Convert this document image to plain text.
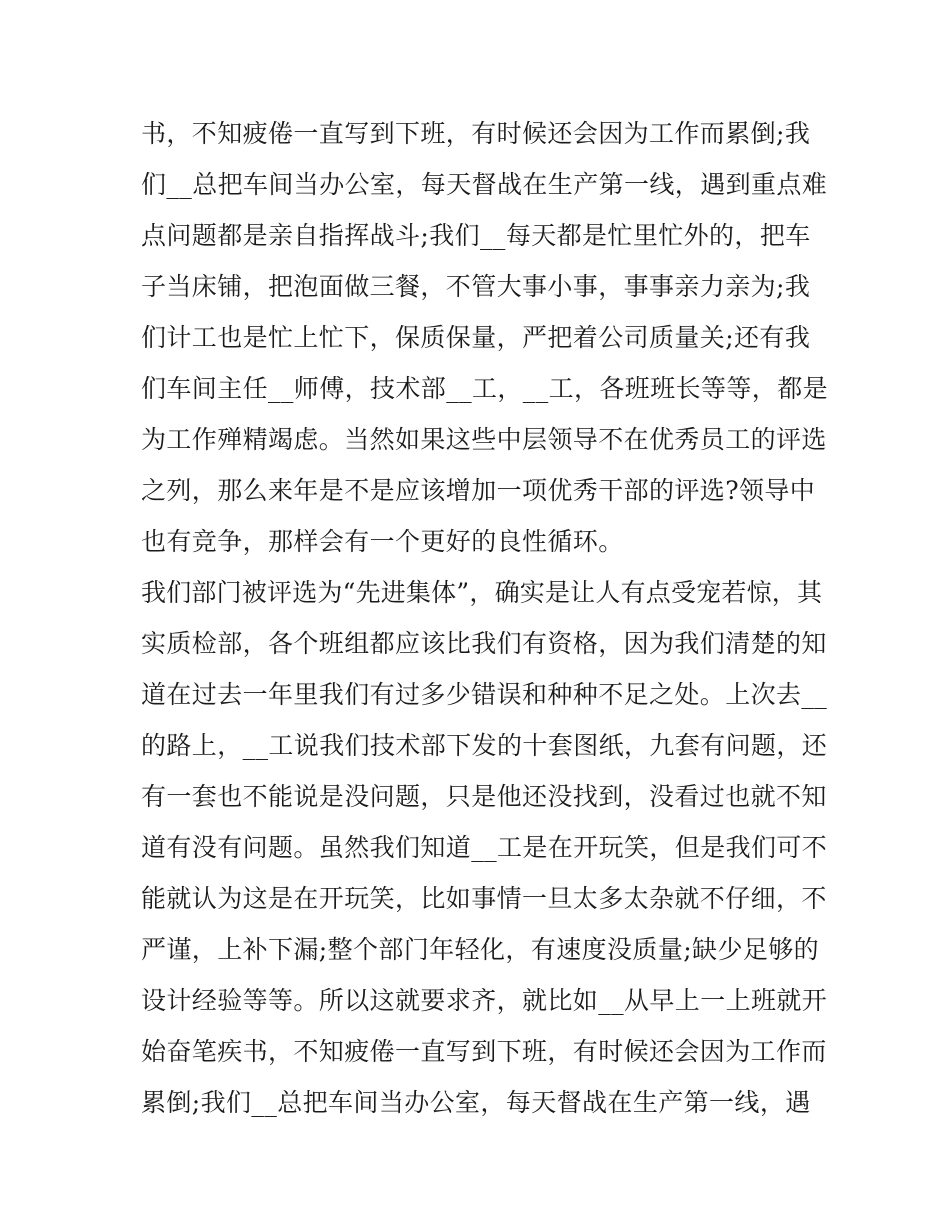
书，不知疲倦一直写到下班，有时候还会因为工作而累倒;我
们__总把车间当办公室，每天督战在生产第一线，遇到重点难
点问题都是亲自指挥战斗;我们__每天都是忙里忙外的，把车
子当床铺，把泡面做三餐，不管大事小事，事事亲力亲为;我
们计工也是忙上忙下，保质保量，严把着公司质量关;还有我
们车间主任__师傅，技术部__工，__工，各班班长等等，都是
为工作殚精竭虑。当然如果这些中层领导不在优秀员工的评选
之列，那么来年是不是应该增加一项优秀干部的评选?领导中
也有竞争，那样会有一个更好的良性循环。
我们部门被评选为“先进集体”，确实是让人有点受宠若惊，其
实质检部，各个班组都应该比我们有资格，因为我们清楚的知
道在过去一年里我们有过多少错误和种种不足之处。上次去__
的路上，__工说我们技术部下发的十套图纸，九套有问题，还
有一套也不能说是没问题，只是他还没找到，没看过也就不知
道有没有问题。虽然我们知道__工是在开玩笑，但是我们可不
能就认为这是在开玩笑，比如事情一旦太多太杂就不仔细，不
严谨，上补下漏;整个部门年轻化，有速度没质量;缺少足够的
设计经验等等。所以这就要求齐，就比如__从早上一上班就开
始奋笔疾书，不知疲倦一直写到下班，有时候还会因为工作而
累倒;我们__总把车间当办公室，每天督战在生产第一线，遇
